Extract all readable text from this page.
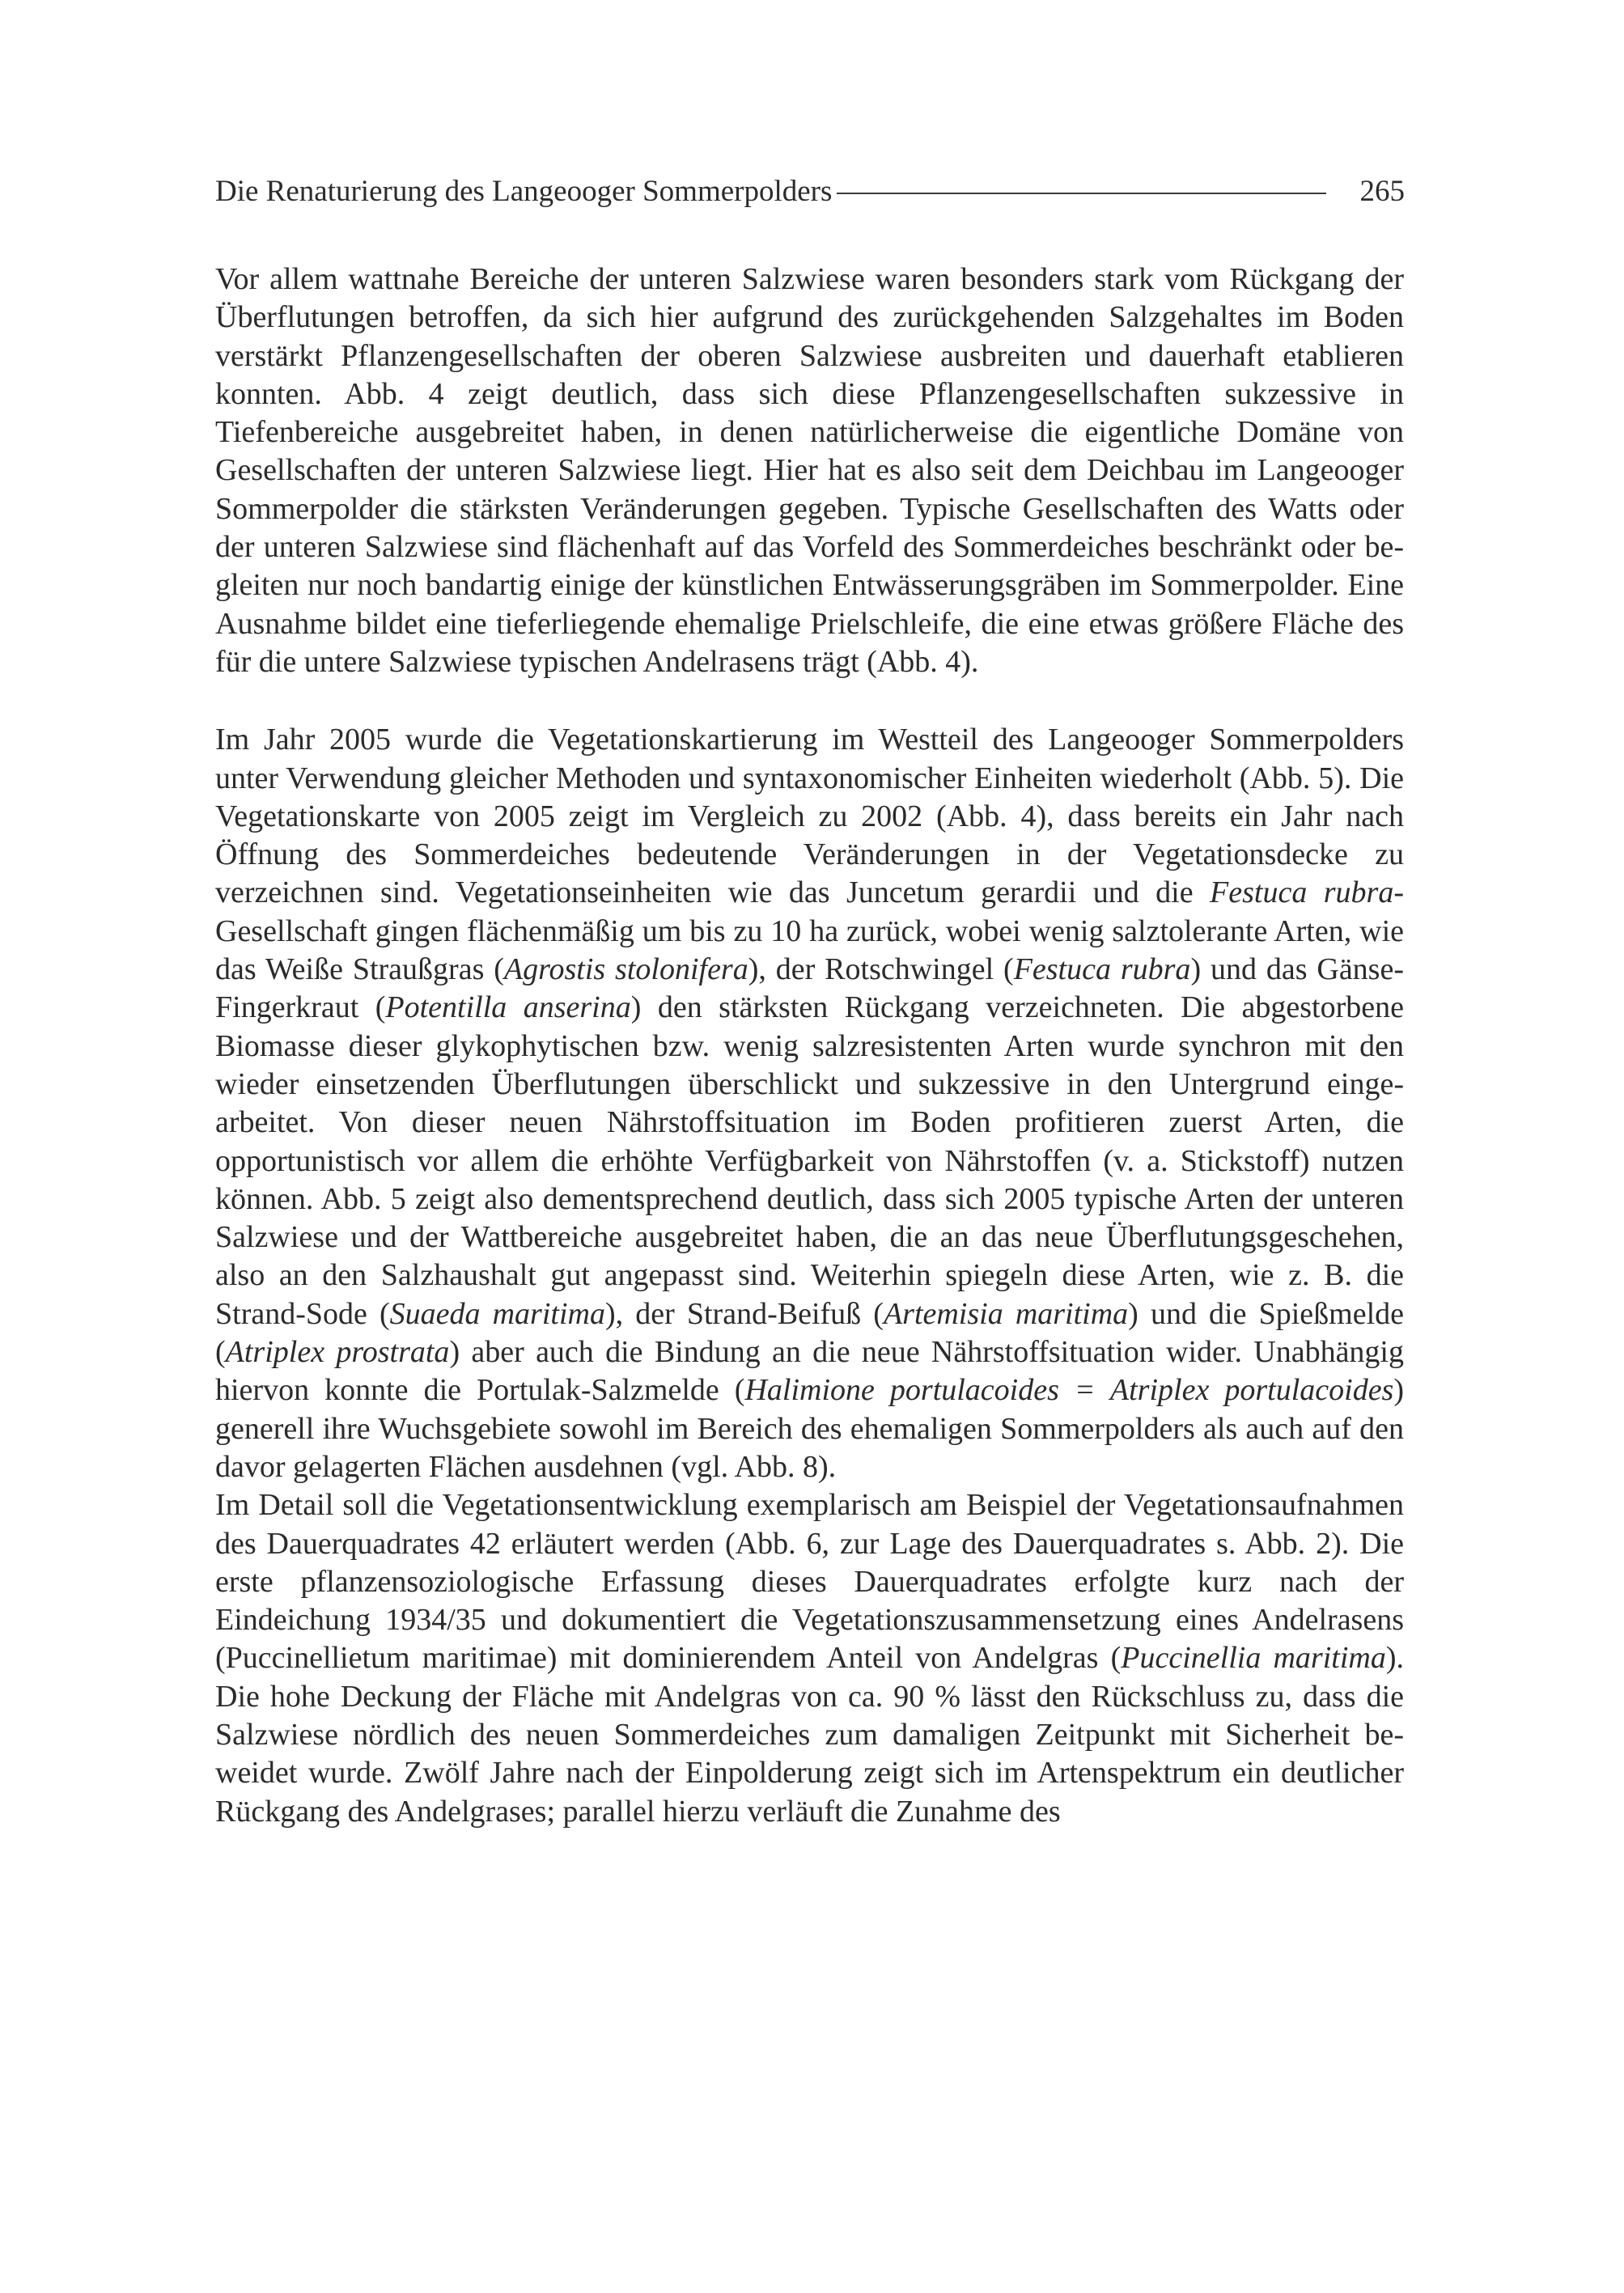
Die Renaturierung des Langeooger Sommerpolders	265

Vor allem wattnahe Bereiche der unteren Salzwiese waren besonders stark vom Rückgang der Überflutungen betroffen, da sich hier aufgrund des zurückgehenden Salzgehaltes im Boden verstärkt Pflanzengesellschaften der oberen Salzwiese ausbreiten und dauerhaft etablieren konnten. Abb. 4 zeigt deutlich, dass sich diese Pflanzengesellschaften sukzessive in Tiefenbereiche ausgebreitet haben, in denen natürlicherweise die eigentliche Domäne von Gesellschaften der unteren Salzwiese liegt. Hier hat es also seit dem Deichbau im Langeooger Sommerpolder die stärksten Veränderungen gegeben. Typische Gesellschaften des Watts oder der unteren Salzwiese sind flächenhaft auf das Vorfeld des Sommerdeiches beschränkt oder begleiten nur noch bandartig einige der künstlichen Entwässerungsgräben im Sommerpolder. Eine Ausnahme bildet eine tieferliegende ehemalige Prielschleife, die eine etwas größere Fläche des für die untere Salzwiese typischen Andelrasens trägt (Abb. 4).

Im Jahr 2005 wurde die Vegetationskartierung im Westteil des Langeooger Sommerpolders unter Verwendung gleicher Methoden und syntaxonomischer Einheiten wiederholt (Abb. 5). Die Vegetationskarte von 2005 zeigt im Vergleich zu 2002 (Abb. 4), dass bereits ein Jahr nach Öffnung des Sommerdeiches bedeutende Veränderungen in der Vegetationsdecke zu verzeichnen sind. Vegetationseinheiten wie das Juncetum gerardii und die Festuca rubra-Gesellschaft gingen flächenmäßig um bis zu 10 ha zurück, wobei wenig salztolerante Arten, wie das Weiße Straußgras (Agrostis stolonifera), der Rotschwingel (Festuca rubra) und das Gänse-Fingerkraut (Potentilla anserina) den stärksten Rückgang verzeichneten. Die abgestorbene Biomasse dieser glykophytischen bzw. wenig salzresistenten Arten wurde synchron mit den wieder einsetzenden Überflutungen überschlickt und sukzessive in den Untergrund eingearbeitet. Von dieser neuen Nährstoffsituation im Boden profitieren zuerst Arten, die opportunistisch vor allem die erhöhte Verfügbarkeit von Nährstoffen (v. a. Stickstoff) nutzen können. Abb. 5 zeigt also dementsprechend deutlich, dass sich 2005 typische Arten der unteren Salzwiese und der Wattbereiche ausgebreitet haben, die an das neue Überflutungsgeschehen, also an den Salzhaushalt gut angepasst sind. Weiterhin spiegeln diese Arten, wie z. B. die Strand-Sode (Suaeda maritima), der Strand-Beifuß (Artemisia maritima) und die Spießmelde (Atriplex prostrata) aber auch die Bindung an die neue Nährstoffsituation wider. Unabhängig hiervon konnte die Portulak-Salzmelde (Halimione portulacoides = Atriplex portulacoides) generell ihre Wuchsgebiete sowohl im Bereich des ehemaligen Sommerpolders als auch auf den davor gelagerten Flächen ausdehnen (vgl. Abb. 8).

Im Detail soll die Vegetationsentwicklung exemplarisch am Beispiel der Vegetationsaufnahmen des Dauerquadrates 42 erläutert werden (Abb. 6, zur Lage des Dauerquadrates s. Abb. 2). Die erste pflanzensoziologische Erfassung dieses Dauerquadrates erfolgte kurz nach der Eindeichung 1934/35 und dokumentiert die Vegetationszusammensetzung eines Andelrasens (Puccinellietum maritimae) mit dominierendem Anteil von Andelgras (Puccinellia maritima). Die hohe Deckung der Fläche mit Andelgras von ca. 90 % lässt den Rückschluss zu, dass die Salzwiese nördlich des neuen Sommerdeiches zum damaligen Zeitpunkt mit Sicherheit beweidet wurde. Zwölf Jahre nach der Einpolderung zeigt sich im Artenspektrum ein deutlicher Rückgang des Andelgrases; parallel hierzu verläuft die Zunahme des
